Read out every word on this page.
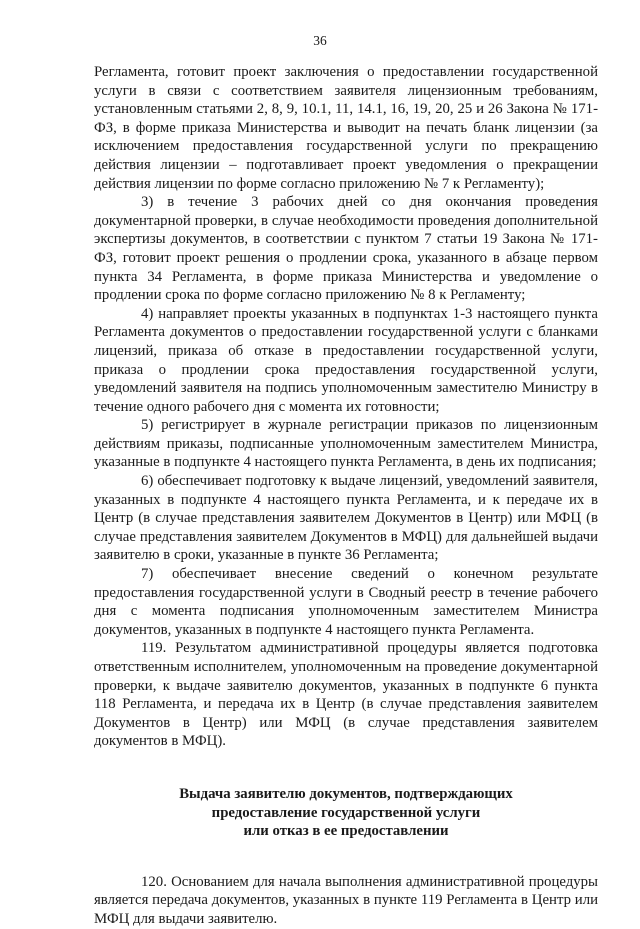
36

Регламента, готовит проект заключения о предоставлении государственной услуги в связи с соответствием заявителя лицензионным требованиям, установленным статьями 2, 8, 9, 10.1, 11, 14.1, 16, 19, 20, 25 и 26 Закона № 171-ФЗ, в форме приказа Министерства и выводит на печать бланк лицензии (за исключением предоставления государственной услуги по прекращению действия лицензии – подготавливает проект уведомления о прекращении действия лицензии по форме согласно приложению № 7 к Регламенту);

3) в течение 3 рабочих дней со дня окончания проведения документарной проверки, в случае необходимости проведения дополнительной экспертизы документов, в соответствии с пунктом 7 статьи 19 Закона № 171-ФЗ, готовит проект решения о продлении срока, указанного в абзаце первом пункта 34 Регламента, в форме приказа Министерства и уведомление о продлении срока по форме согласно приложению № 8 к Регламенту;

4) направляет проекты указанных в подпунктах 1-3 настоящего пункта Регламента документов о предоставлении государственной услуги с бланками лицензий, приказа об отказе в предоставлении государственной услуги, приказа о продлении срока предоставления государственной услуги, уведомлений заявителя на подпись уполномоченным заместителю Министру в течение одного рабочего дня с момента их готовности;

5) регистрирует в журнале регистрации приказов по лицензионным действиям приказы, подписанные уполномоченным заместителем Министра, указанные в подпункте 4 настоящего пункта Регламента, в день их подписания;

6) обеспечивает подготовку к выдаче лицензий, уведомлений заявителя, указанных в подпункте 4 настоящего пункта Регламента, и к передаче их в Центр (в случае представления заявителем Документов в Центр) или МФЦ (в случае представления заявителем Документов в МФЦ) для дальнейшей выдачи заявителю в сроки, указанные в пункте 36 Регламента;

7) обеспечивает внесение сведений о конечном результате предоставления государственной услуги в Сводный реестр в течение рабочего дня с момента подписания уполномоченным заместителем Министра документов, указанных в подпункте 4 настоящего пункта Регламента.

119. Результатом административной процедуры является подготовка ответственным исполнителем, уполномоченным на проведение документарной проверки, к выдаче заявителю документов, указанных в подпункте 6 пункта 118 Регламента, и передача их в Центр (в случае представления заявителем Документов в Центр) или МФЦ (в случае представления заявителем документов в МФЦ).

Выдача заявителю документов, подтверждающих
предоставление государственной услуги
или отказ в ее предоставлении

120. Основанием для начала выполнения административной процедуры является передача документов, указанных в пункте 119 Регламента в Центр или МФЦ для выдачи заявителю.
